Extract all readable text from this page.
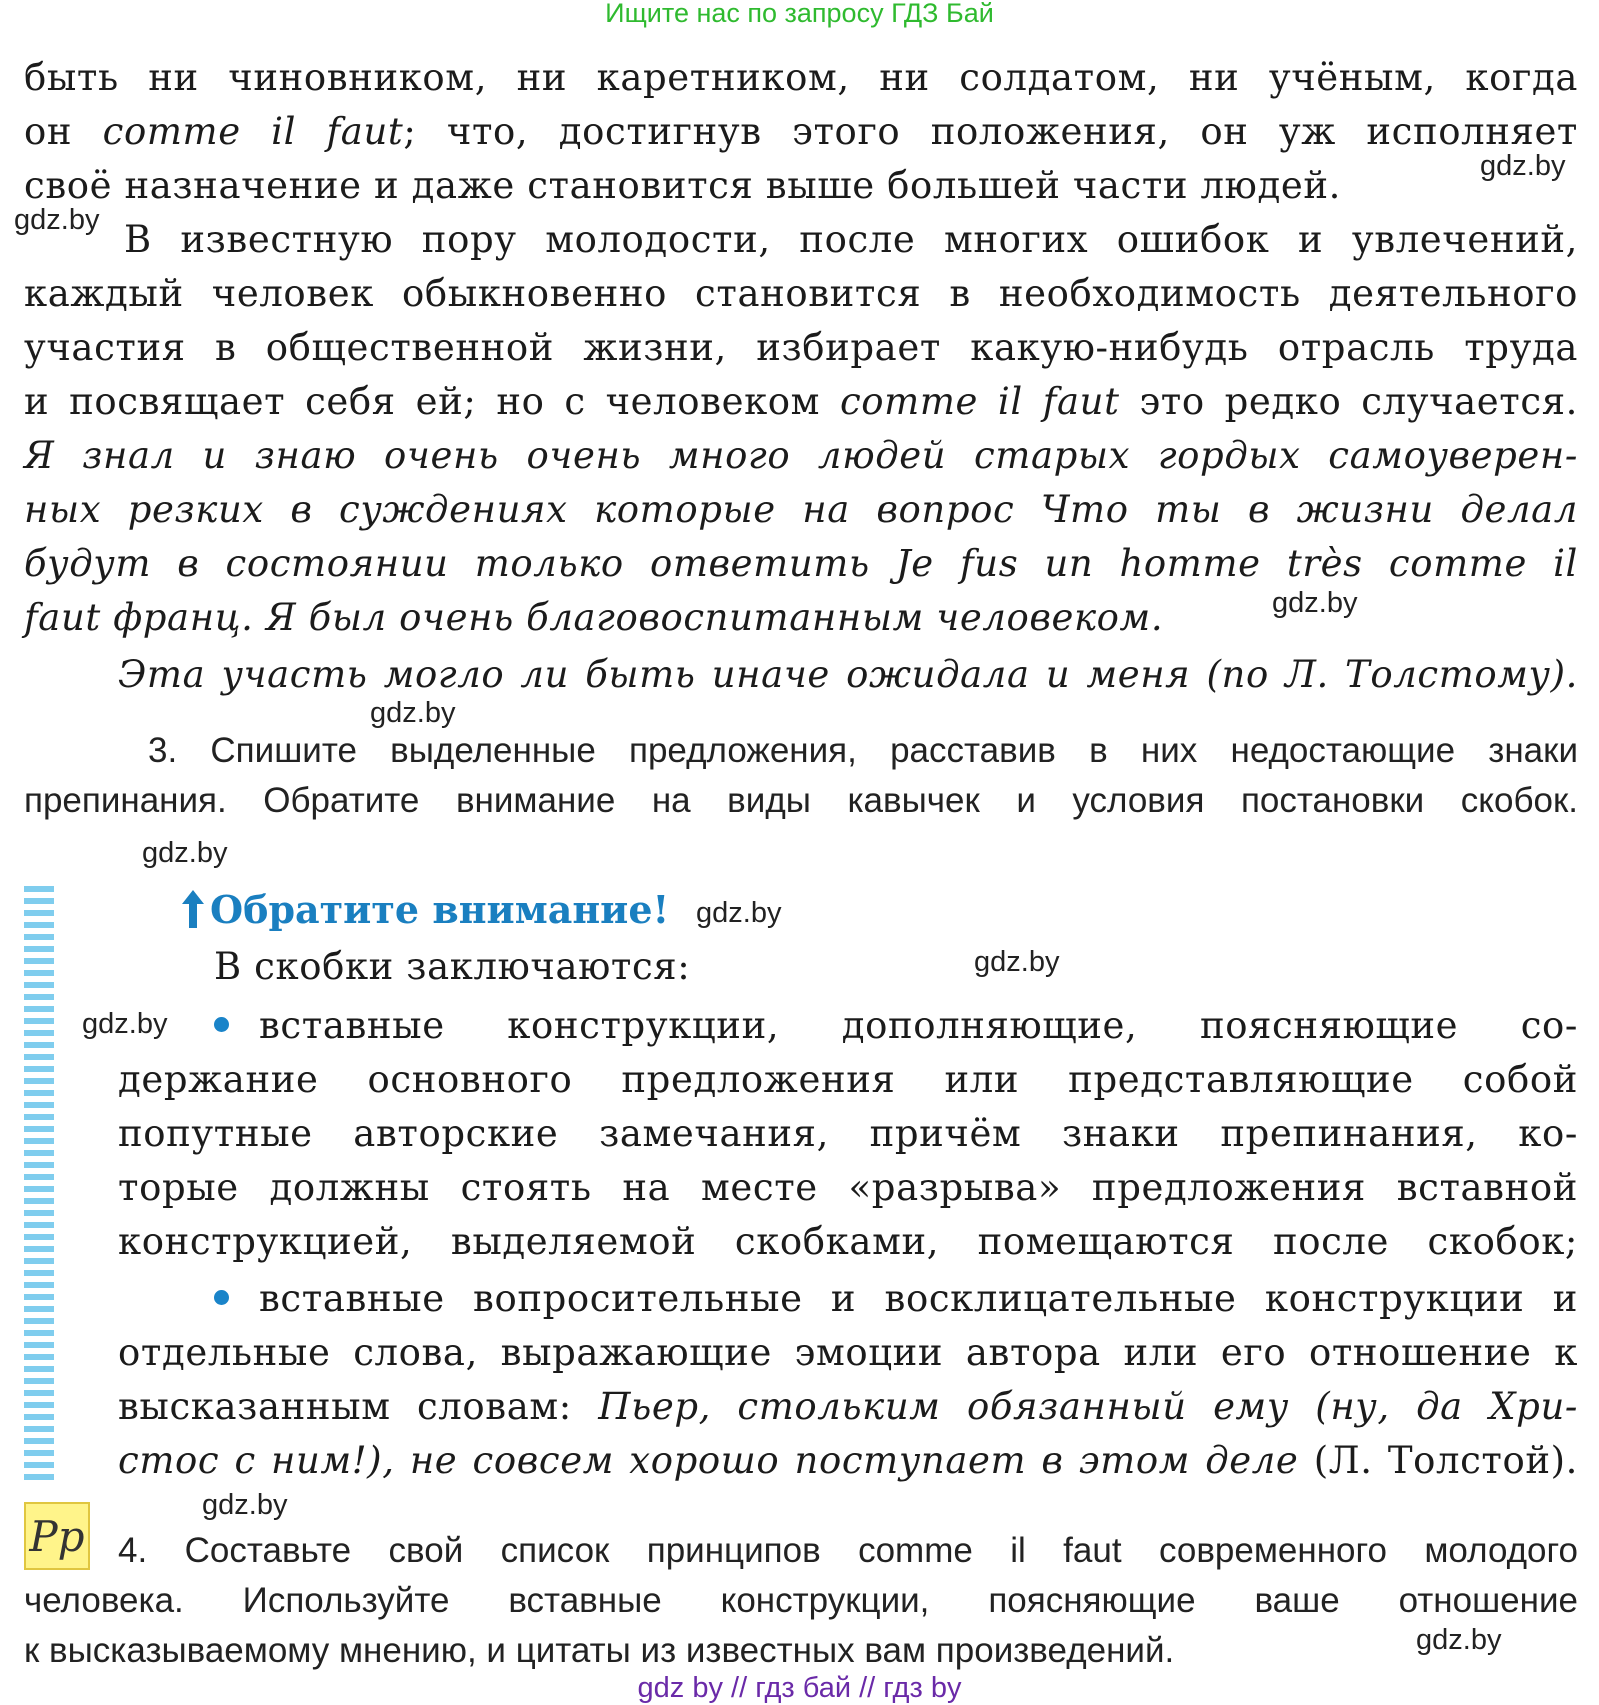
Ищите нас по запросу ГДЗ Бай
быть ни чиновником, ни каретником, ни солдатом, ни учёным, когда
он comme il faut; что, достигнув этого положения, он уж исполняет
своё назначение и даже становится выше большей части людей.
В известную пору молодости, после многих ошибок и увлечений,
каждый человек обыкновенно становится в необходимость деятельного
участия в общественной жизни, избирает какую-нибудь отрасль труда
и посвящает себя ей; но с человеком comme il faut это редко случается.
Я знал и знаю очень очень много людей старых гордых самоуверен-
ных резких в суждениях которые на вопрос Что ты в жизни делал
будут в состоянии только ответить Je fus un homme très comme il
faut франц. Я был очень благовоспитанным человеком.
Эта участь могло ли быть иначе ожидала и меня (по Л. Толстому).
3. Спишите выделенные предложения, расставив в них недостающие знаки
препинания. Обратите внимание на виды кавычек и условия постановки скобок.
Обратите внимание!
В скобки заключаются:
вставные конструкции, дополняющие, поясняющие со-
держание основного предложения или представляющие собой
попутные авторские замечания, причём знаки препинания, ко-
торые должны стоять на месте «разрыва» предложения вставной
конструкцией, выделяемой скобками, помещаются после скобок;
вставные вопросительные и восклицательные конструкции и
отдельные слова, выражающие эмоции автора или его отношение к
высказанным словам: Пьер, стольким обязанный ему (ну, да Хри-
стос с ним!), не совсем хорошо поступает в этом деле (Л. Толстой).
Pp 4. Составьте свой список принципов comme il faut современного молодого
человека. Используйте вставные конструкции, поясняющие ваше отношение
к высказываемому мнению, и цитаты из известных вам произведений.
gdz.by
gdz.by
gdz.by
gdz.by
gdz.by
gdz.by
gdz.by
gdz.by
gdz.by
gdz.by
gdz by // гдз бай // гдз by
